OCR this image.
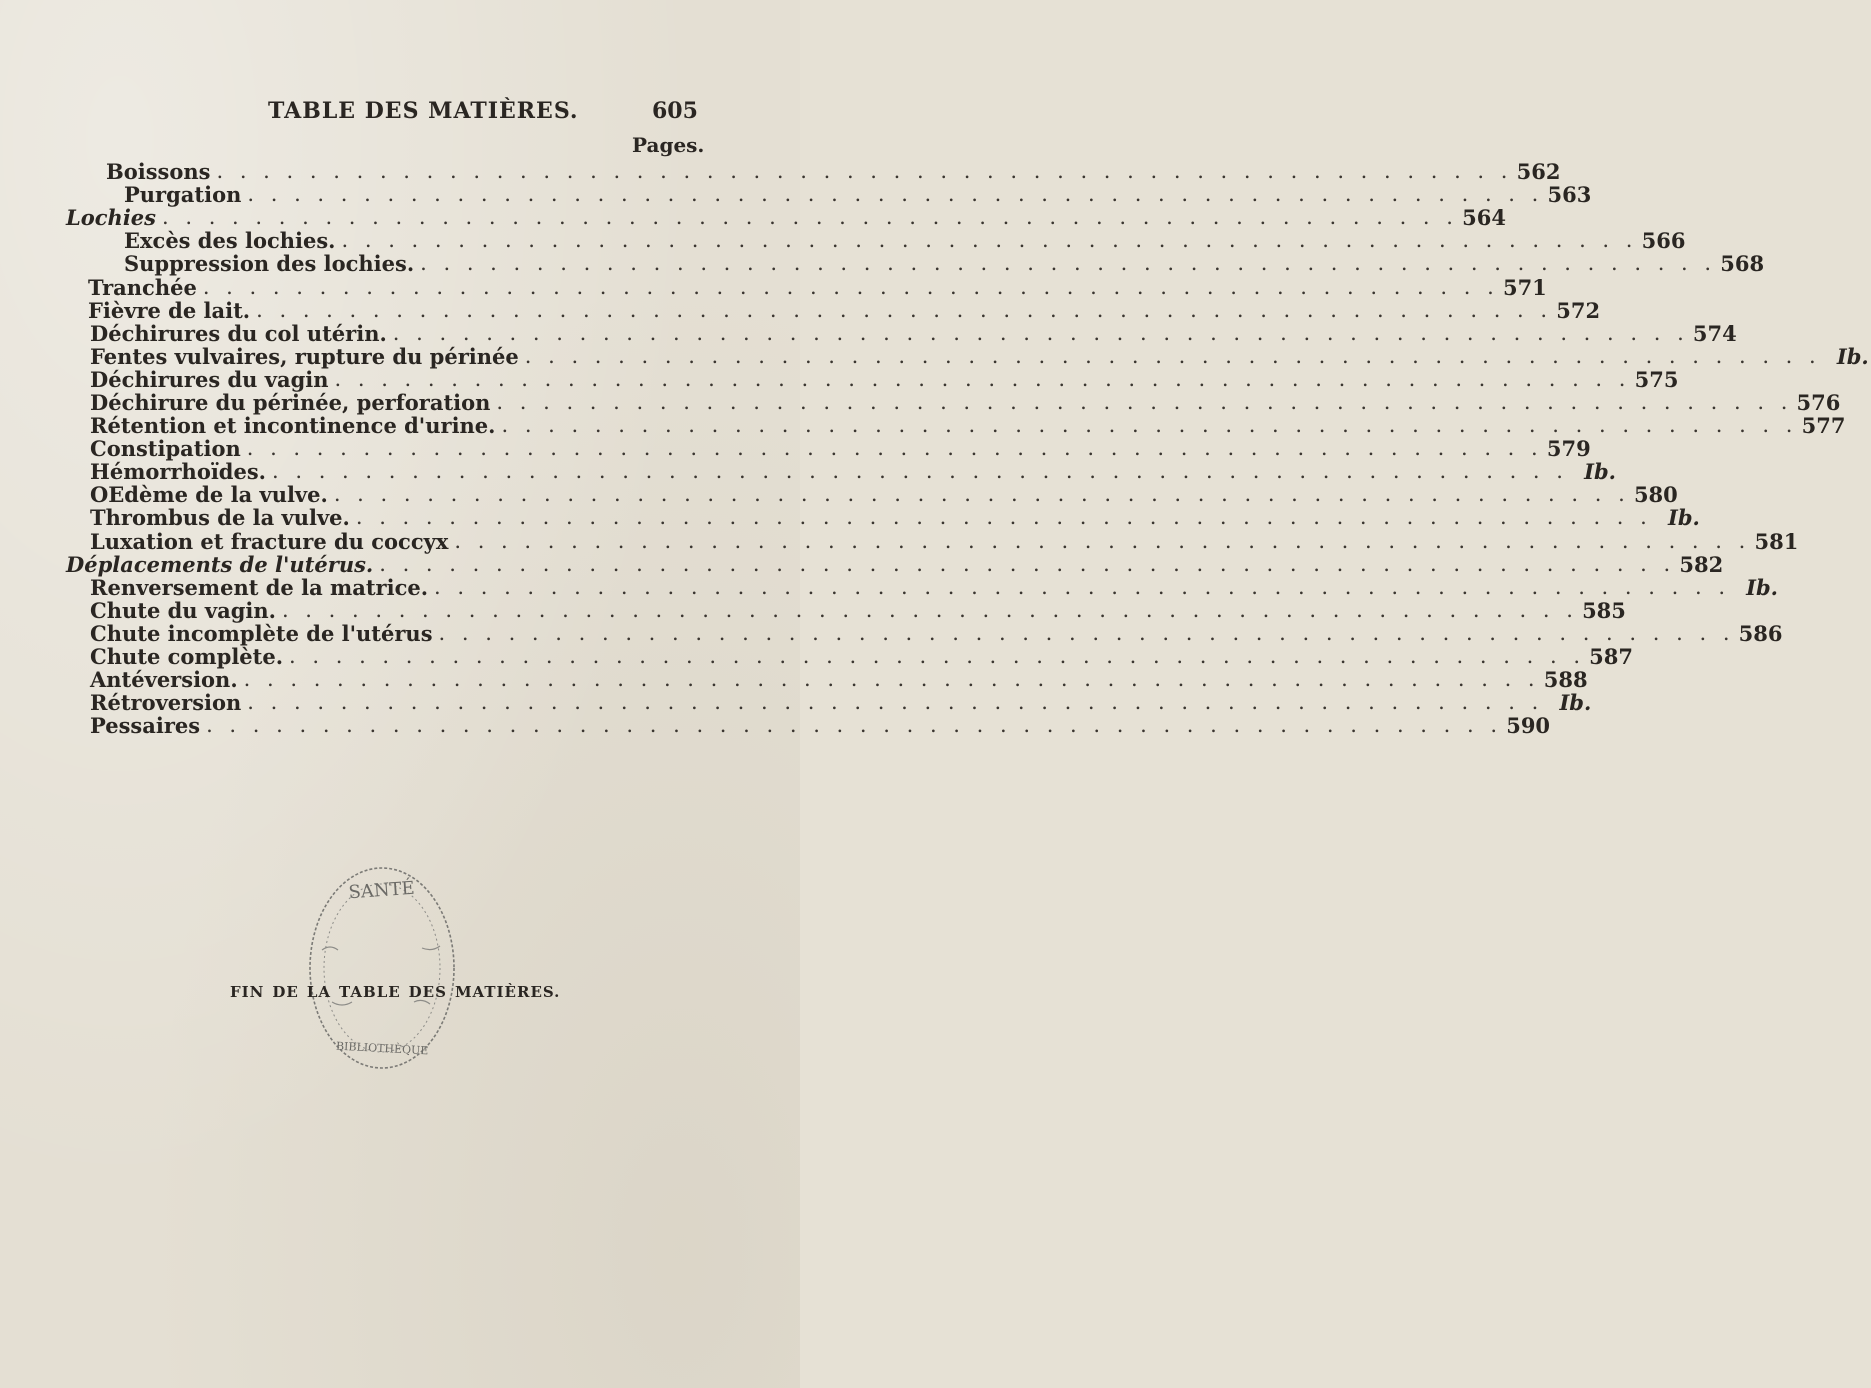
TABLE DES MATIÈRES.	605
Pages.
Boissons . . .	562
Purgation . . .	563
Lochies . . .	564
Excès des lochies. . . .	566
Suppression des lochies. . . .	568
Tranchée . . .	571
Fièvre de lait. . . .	572
Déchirures du col utérin. . . .	574
Fentes vulvaires, rupture du périnée . . .	Ib.
Déchirures du vagin . . .	575
Déchirure du périnée, perforation . . .	576
Rétention et incontinence d'urine. . . .	577
Constipation . . .	579
Hémorrhoïdes. . . .	Ib.
OEdème de la vulve. . . .	580
Thrombus de la vulve. . . .	Ib.
Luxation et fracture du coccyx . . .	581
Déplacements de l'utérus. . . .	582
Renversement de la matrice. . . .	Ib.
Chute du vagin. . . .	585
Chute incomplète de l'utérus . . .	586
Chute complète. . . .	587
Antéversion. . . .	588
Rétroversion . . .	Ib.
Pessaires . . .	590
SANTÉ
BIBLIOTHÈQUE
FIN DE LA TABLE DES MATIÈRES.
